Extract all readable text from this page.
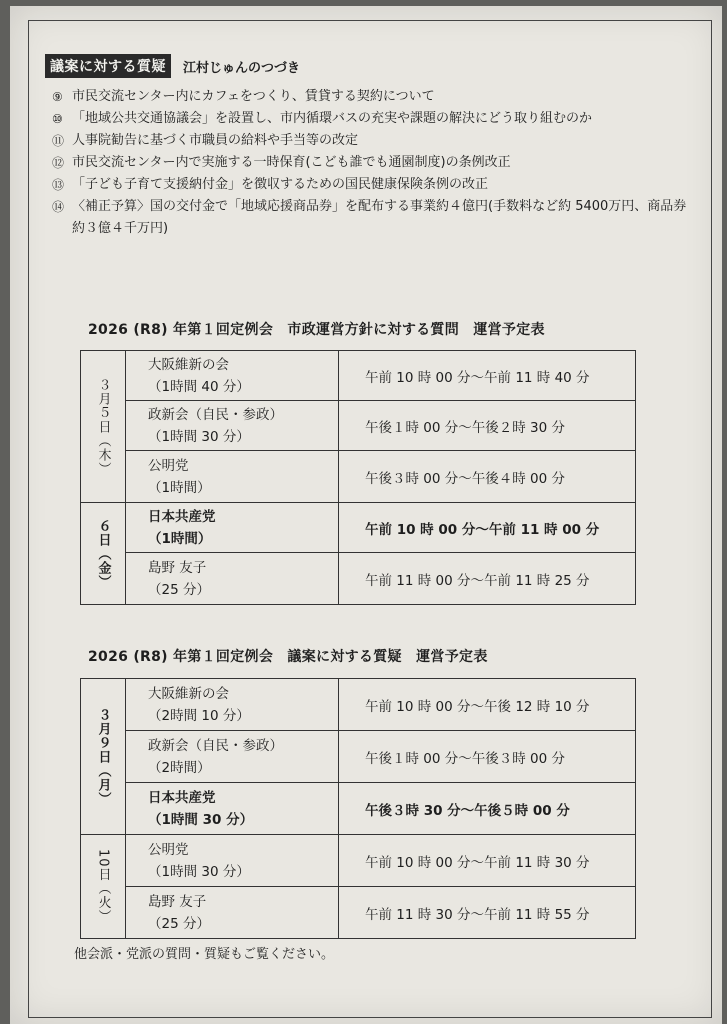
議案に対する質疑	江村じゅんのつづき
⑨ 市民交流センター内にカフェをつくり、賃貸する契約について
⑩ 「地域公共交通協議会」を設置し、市内循環バスの充実や課題の解決にどう取り組むのか
⑪ 人事院勧告に基づく市職員の給料や手当等の改定
⑫ 市民交流センター内で実施する一時保育(こども誰でも通園制度)の条例改正
⑬ 「子ども子育て支援納付金」を徴収するための国民健康保険条例の改正
⑭ 〈補正予算〉国の交付金で「地域応援商品券」を配布する事業約４億円(手数料など約 5400万円、商品券約３億４千万円)
2026 (R8) 年第１回定例会　市政運営方針に対する質問　運営予定表
３月５日（木）	大阪維新の会
（1時間 40 分）	午前 10 時 00 分〜午前 11 時 40 分

	政新会（自民・参政）
（1時間 30 分）	午後１時 00 分〜午後２時 30 分

	公明党
（1時間）	午後３時 00 分〜午後４時 00 分
６日（金）	日本共産党
（1時間）	午前 10 時 00 分〜午前 11 時 00 分

	島野 友子
（25 分）	午前 11 時 00 分〜午前 11 時 25 分
2026 (R8) 年第１回定例会　議案に対する質疑　運営予定表
３月９日（月）	大阪維新の会
（2時間 10 分）	午前 10 時 00 分〜午後 12 時 10 分

	政新会（自民・参政）
（2時間）	午後１時 00 分〜午後３時 00 分

	日本共産党
（1時間 30 分）	午後３時 30 分〜午後５時 00 分
10日（火）	公明党
（1時間 30 分）	午前 10 時 00 分〜午前 11 時 30 分

	島野 友子
（25 分）	午前 11 時 30 分〜午前 11 時 55 分
他会派・党派の質問・質疑もご覧ください。
